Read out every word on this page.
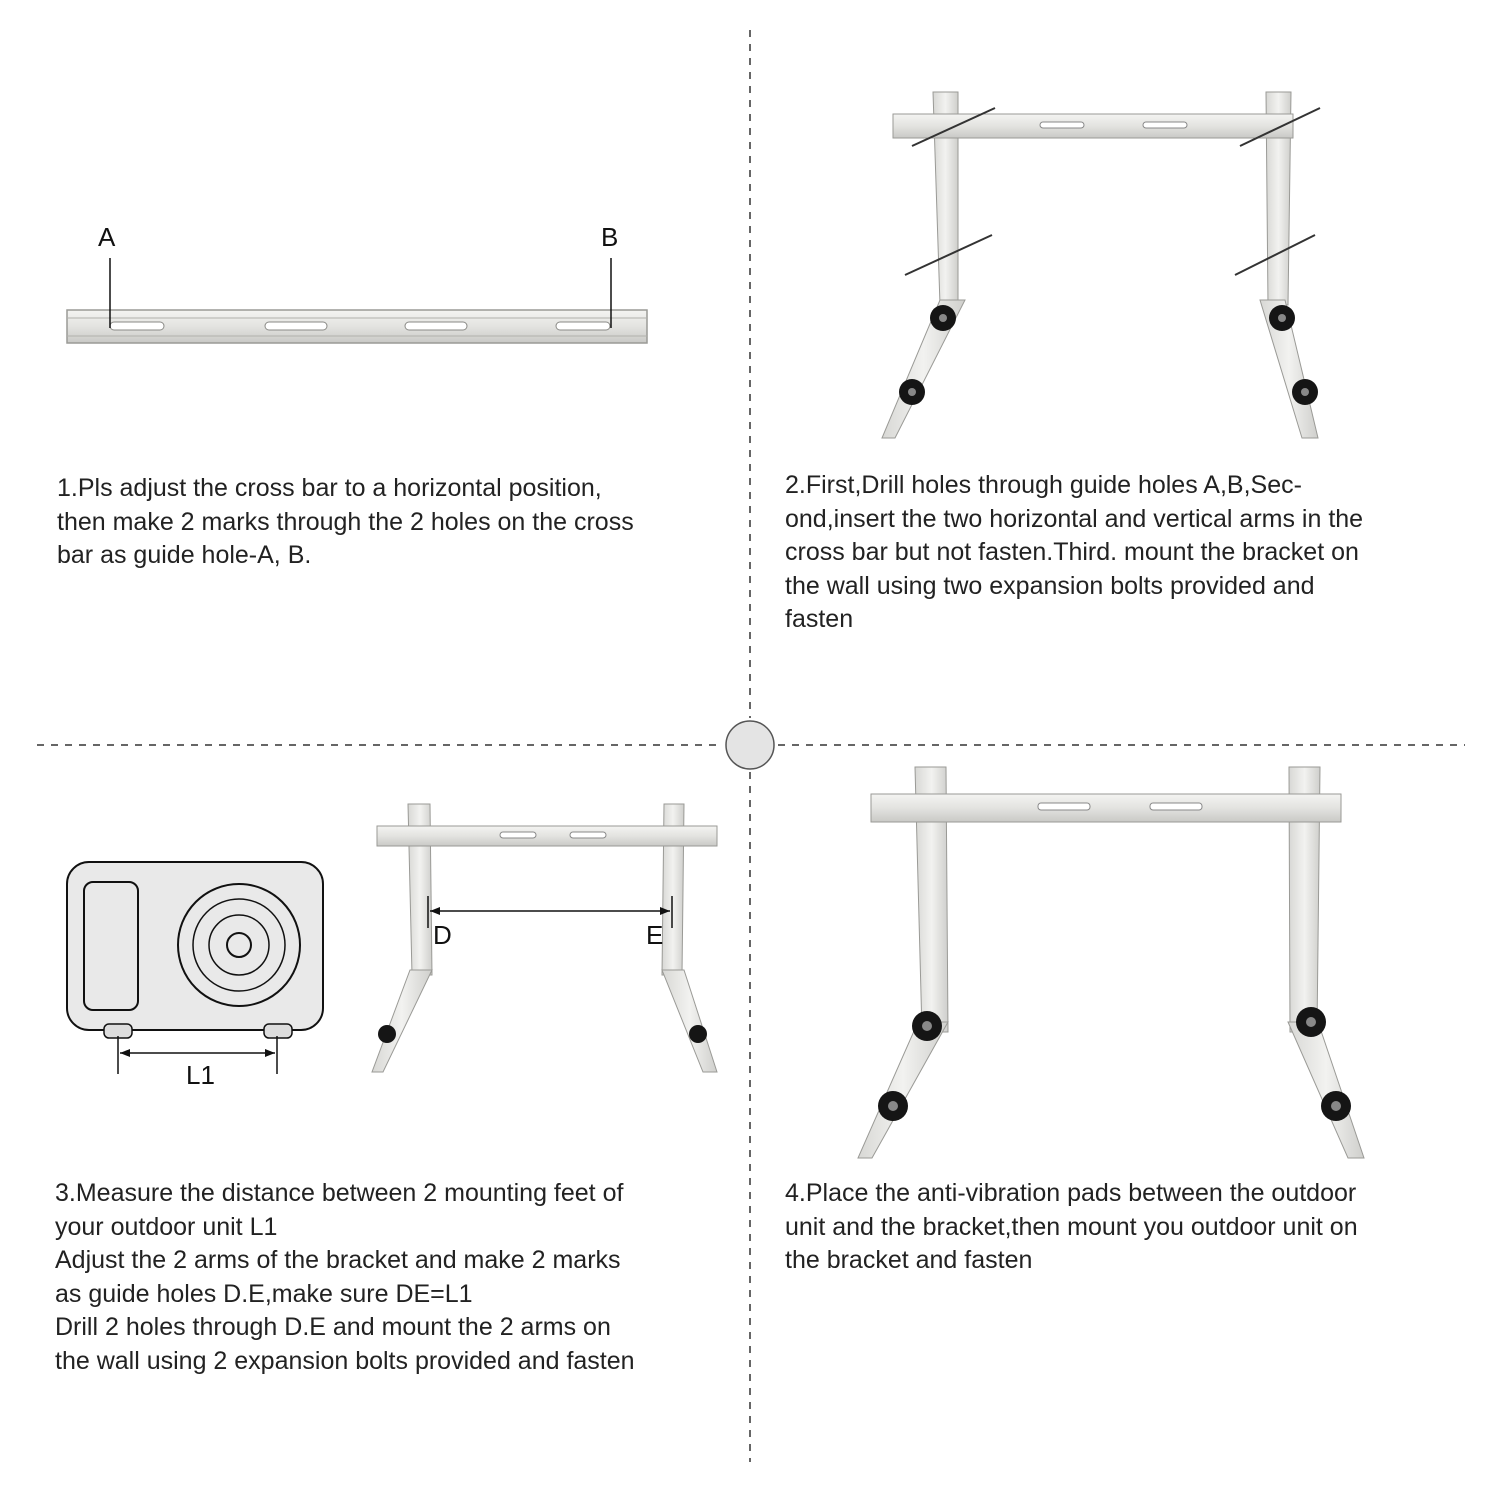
A	B
L1
D	E
1.Pls adjust the cross bar to a horizontal position,
then make 2 marks through the 2 holes on the cross
bar as guide hole-A, B.
2.First,Drill holes through guide holes A,B,Sec-
ond,insert the two horizontal and vertical arms in the
cross bar but not fasten.Third. mount the bracket on
the wall using two expansion bolts provided and
fasten
3.Measure the distance between 2 mounting feet of
your outdoor unit L1
Adjust the 2 arms of the bracket and make 2 marks
as guide holes D.E,make sure DE=L1
Drill 2 holes through D.E and mount the 2 arms on
the wall using 2 expansion bolts provided and fasten
4.Place the anti-vibration pads between the outdoor
unit and the bracket,then mount you outdoor unit on
the bracket and fasten
